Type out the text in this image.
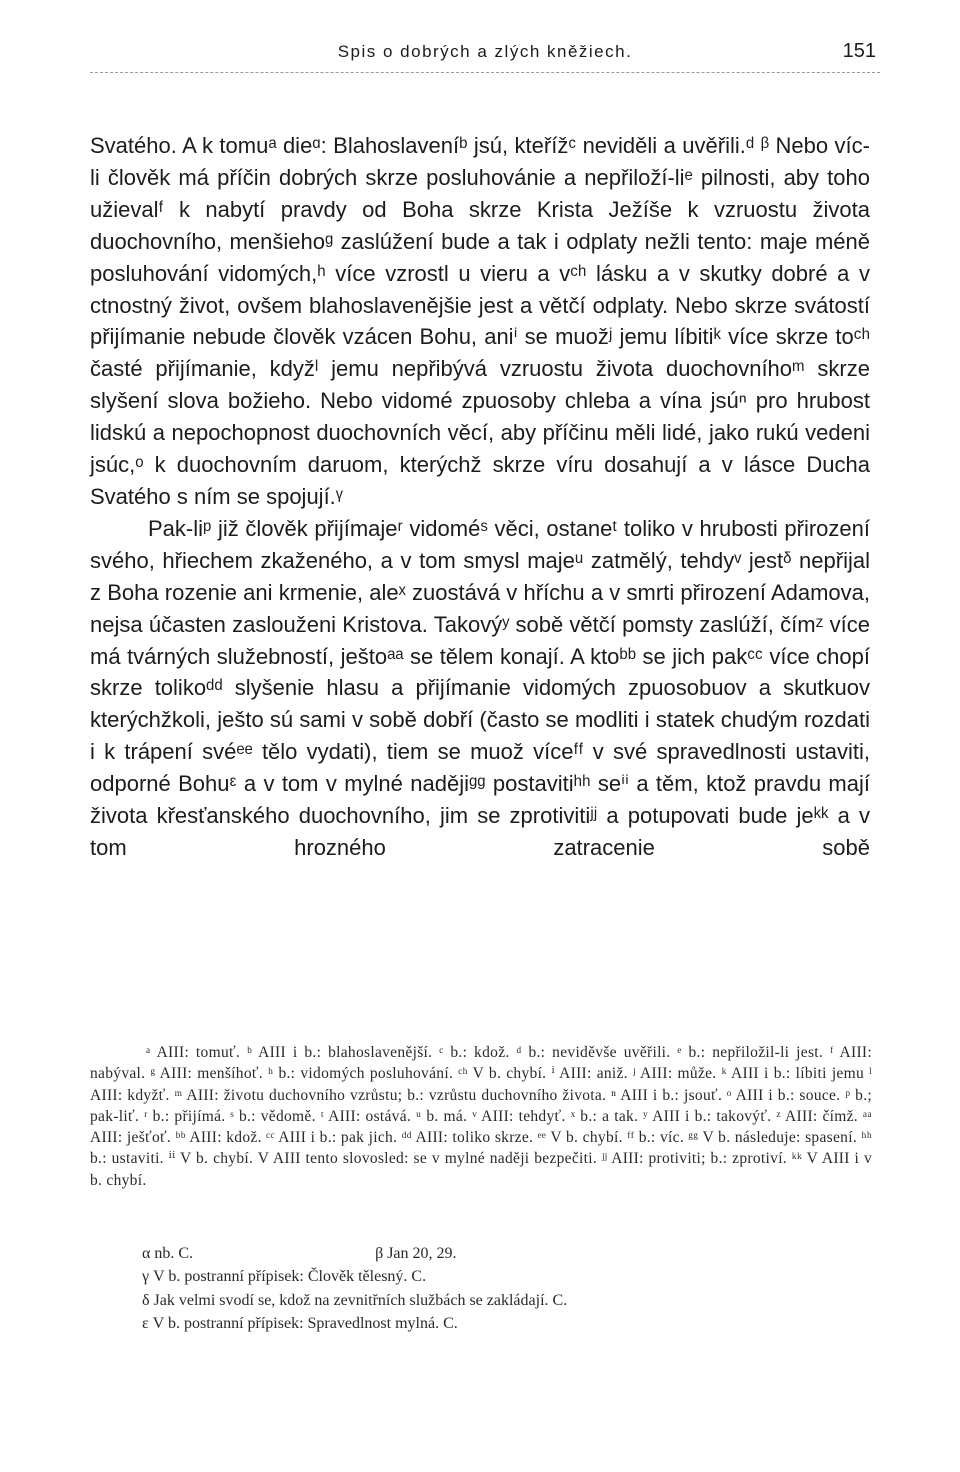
Spis o dobrých a zlých kněžiech.	151

Svatého. A k tomuᵃ dieᵅ: Blahoslaveníᵇ jsú, kteřížᶜ neviděli a uvěřili.ᵈ ᵝ Nebo víc-li člověk má příčin dobrých skrze posluhovánie a nepřiloží-liᵉ pilnosti, aby toho užievalᶠ k nabytí pravdy od Boha skrze Krista Ježíše k vzruostu života duochovního, menšiehoᵍ zaslúžení bude a tak i odplaty nežli tento: maje méně posluhování vidomých,ʰ více vzrostl u vieru a vᶜʰ lásku a v skutky dobré a v ctnostný život, ovšem blahoslavenějšie jest a větčí odplaty. Nebo skrze svátostí přijímanie nebude člověk vzácen Bohu, aniⁱ se muožʲ jemu líbitiᵏ více skrze toᶜʰ časté přijímanie, kdyžˡ jemu nepřibývá vzruostu života duochovníhoᵐ skrze slyšení slova božieho. Nebo vidomé zpuosoby chleba a vína jsúⁿ pro hrubost lidskú a nepochopnost duochovních věcí, aby příčinu měli lidé, jako rukú vedeni jsúc,ᵒ k duochovním daruom, kterýchž skrze víru dosahují a v lásce Ducha Svatého s ním se spojují.ᵞ

Pak-liᵖ již člověk přijímajeʳ vidoméˢ věci, ostaneᵗ toliko v hrubosti přirození svého, hřiechem zkaženého, a v tom smysl majeᵘ zatmělý, tehdyᵛ jestᵟ nepřijal z Boha rozenie ani krmenie, aleˣ zuostává v hříchu a v smrti přirození Adamova, nejsa účasten zaslouženi Kristova. Takovýʸ sobě větčí pomsty zaslúží, čímᶻ více má tvárných služebností, ještoᵃᵃ se tělem konají. A ktoᵇᵇ se jich pakᶜᶜ více chopí skrze tolikoᵈᵈ slyšenie hlasu a přijímanie vidomých zpuosobuov a skutkuov kterýchžkoli, ješto sú sami v sobě dobří (často se modliti i statek chudým rozdati i k trápení svéᵉᵉ tělo vydati), tiem se muož víceᶠᶠ v své spravedlnosti ustaviti, odporné Bohuᵋ a v tom v mylné nadějiᵍᵍ postavitiʰʰ seⁱⁱ a těm, ktož pravdu mají života křesťanského duochovního, jim se zprotivitiʲʲ a potupovati bude jeᵏᵏ a v tom hrozného zatracenie sobě

ᵃ AIII: tomuť. ᵇ AIII i b.: blahoslavenější. ᶜ b.: kdož. ᵈ b.: neviděvše uvěřili. ᵉ b.: nepřiložil-li jest. ᶠ AIII: nabýval. ᵍ AIII: menšíhoť. ʰ b.: vidomých posluhování. ᶜʰ V b. chybí. ⁱ AIII: aniž. ʲ AIII: může. ᵏ AIII i b.: líbiti jemu ˡ AIII: kdyžť. ᵐ AIII: životu duchovního vzrůstu; b.: vzrůstu duchovního života. ⁿ AIII i b.: jsouť. ᵒ AIII i b.: souce. ᵖ b.; pak-liť. ʳ b.: přijímá. ˢ b.: vědomě. ᵗ AIII: ostává. ᵘ b. má. ᵛ AIII: tehdyť. ˣ b.: a tak. ʸ AIII i b.: takovýť. ᶻ AIII: čímž. ᵃᵃ AIII: ješťoť. ᵇᵇ AIII: kdož. ᶜᶜ AIII i b.: pak jich. ᵈᵈ AIII: toliko skrze. ᵉᵉ V b. chybí. ᶠᶠ b.: víc. ᵍᵍ V b. následuje: spasení. ʰʰ b.: ustaviti. ⁱⁱ V b. chybí. V AIII tento slovosled: se v mylné naději bezpečiti. ʲʲ AIII: protiviti; b.: zprotiví. ᵏᵏ V AIII i v b. chybí.

α nb. C.	β Jan 20, 29.
γ V b. postranní přípisek: Člověk tělesný. C.
δ Jak velmi svodí se, kdož na zevnitřních službách se zakládají. C.
ε V b. postranní přípisek: Spravedlnost mylná. C.
